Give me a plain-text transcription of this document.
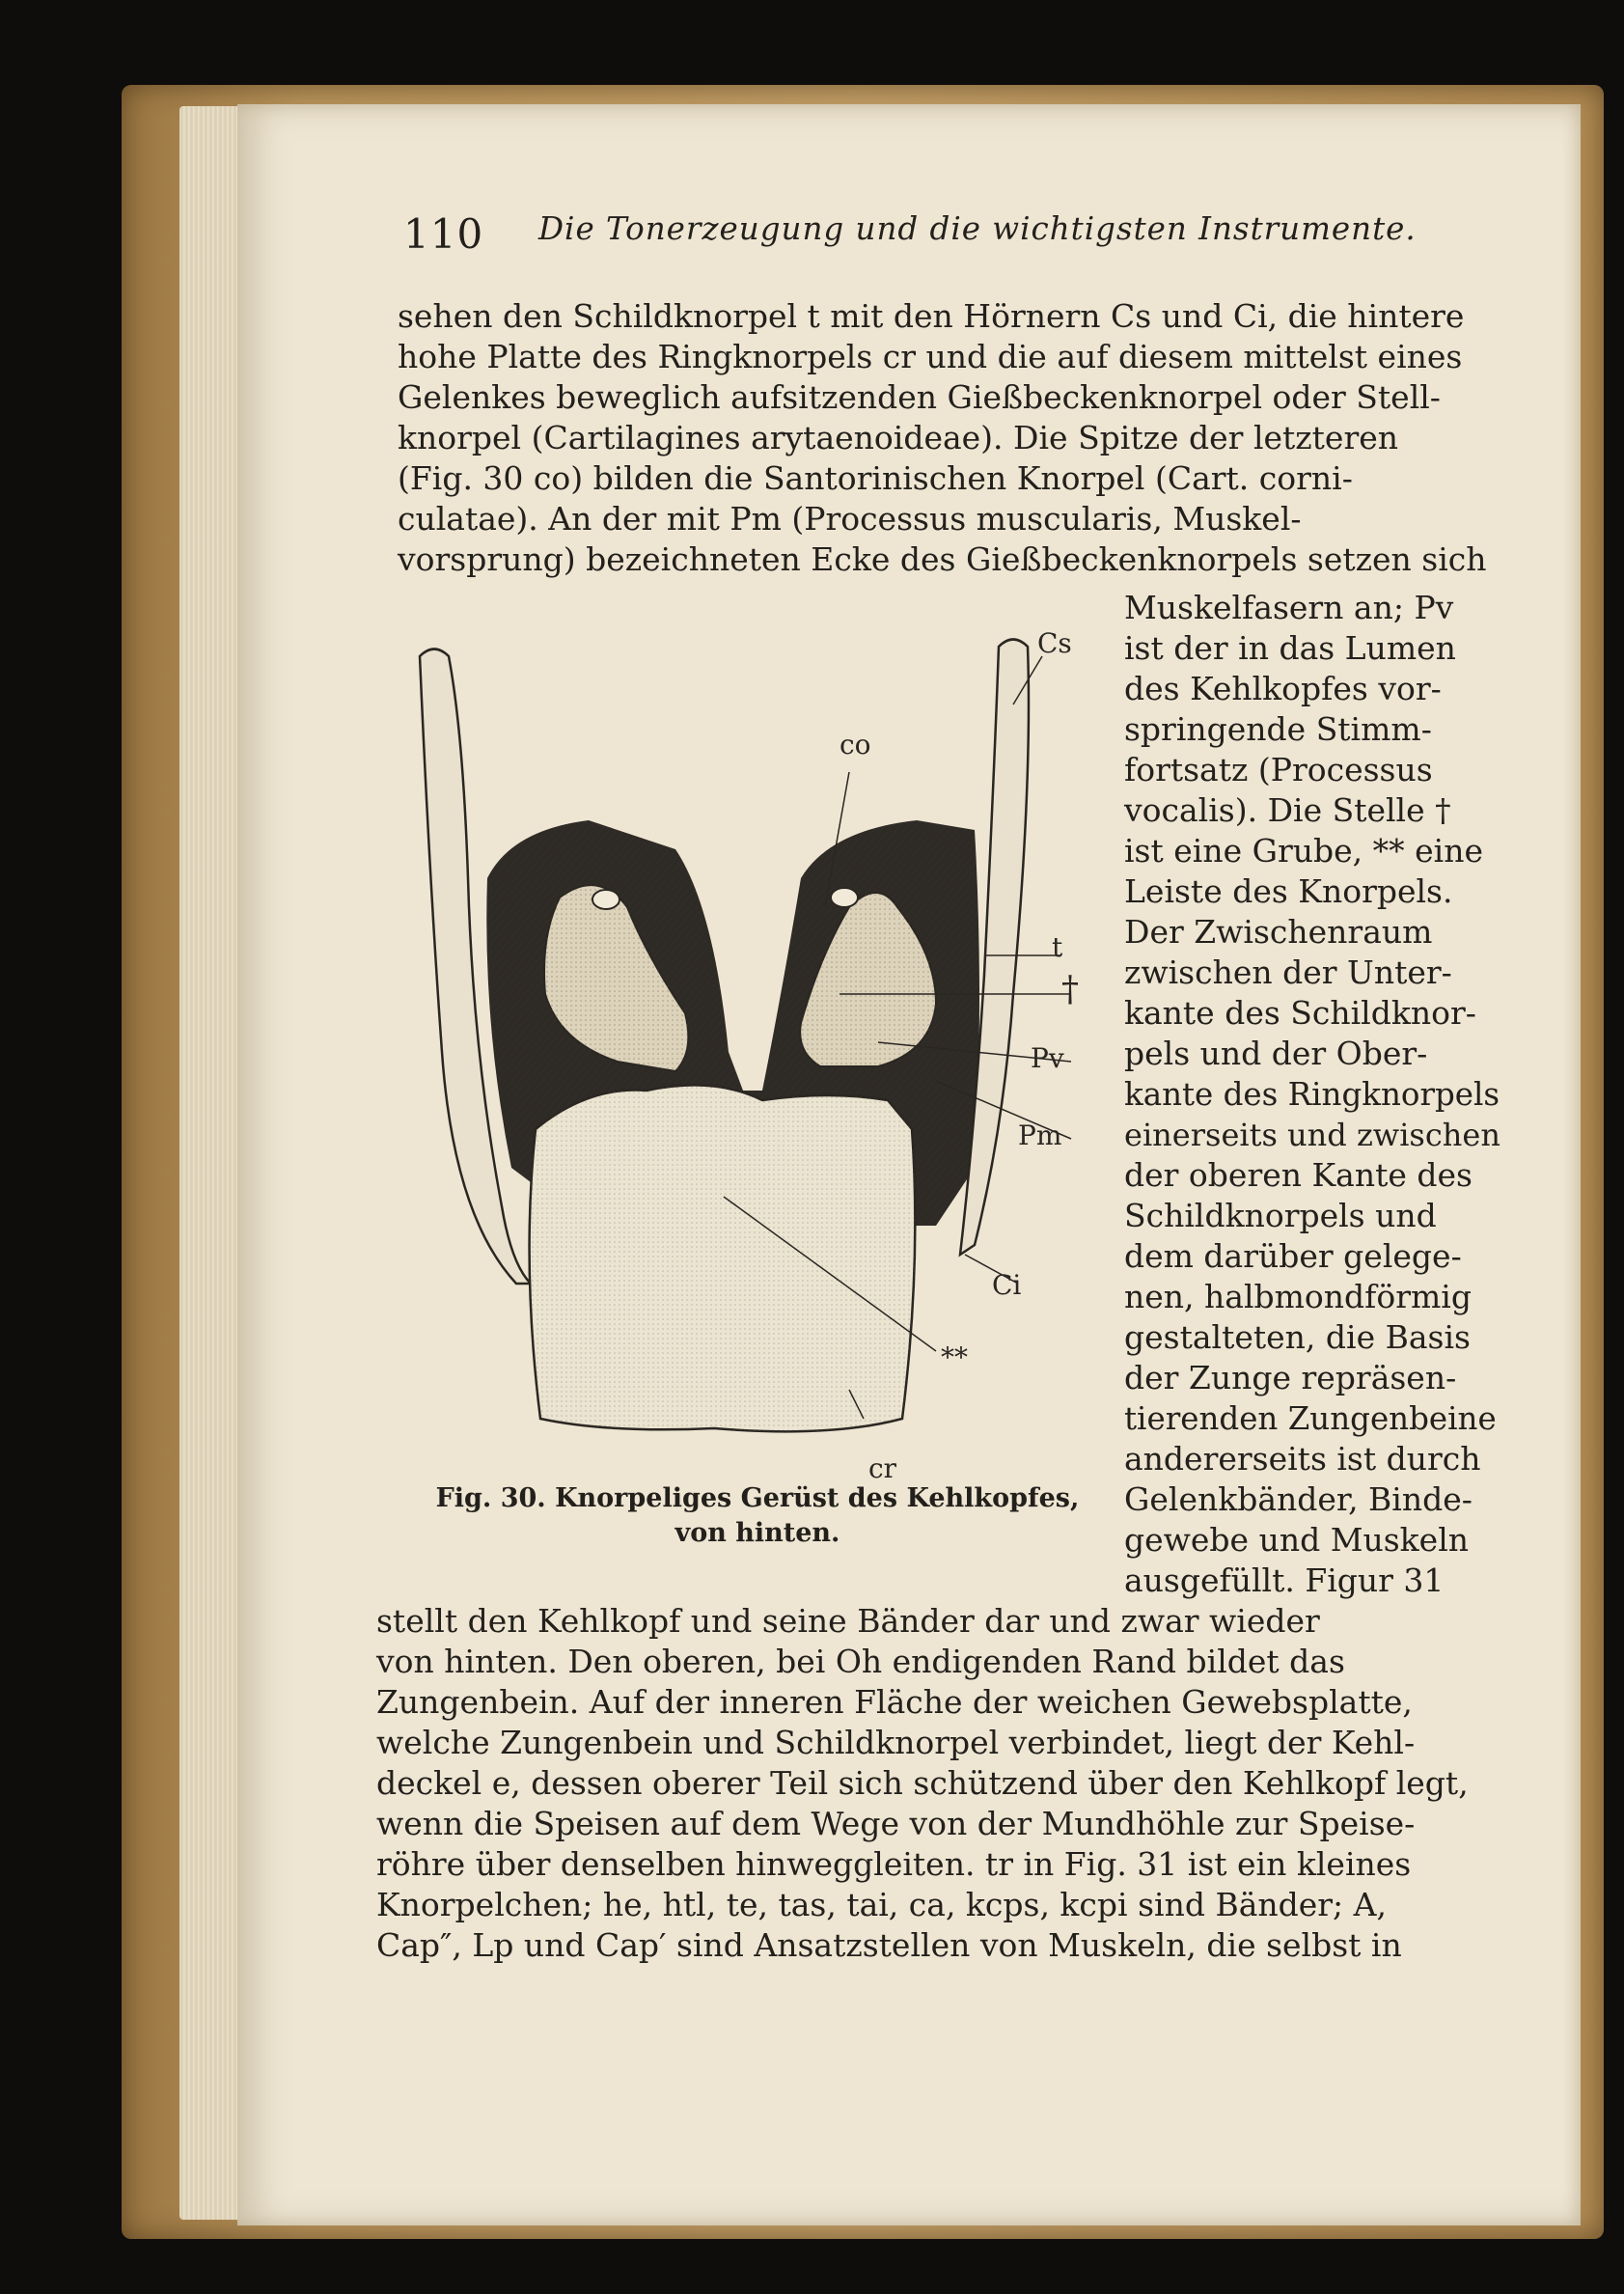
110 Die Tonerzeugung und die wichtigsten Instrumente.
sehen den Schildknorpel t mit den Hörnern Cs und Ci, die hintere
hohe Platte des Ringknorpels cr und die auf diesem mittelst eines
Gelenkes beweglich aufsitzenden Gießbeckenknorpel oder Stell-
knorpel (Cartilagines arytaenoideae). Die Spitze der letzteren
(Fig. 30 co) bilden die Santorinischen Knorpel (Cart. corni-
culatae). An der mit Pm (Processus muscularis, Muskel-
vorsprung) bezeichneten Ecke des Gießbeckenknorpels setzen sich
Muskelfasern an; Pv
ist der in das Lumen
des Kehlkopfes vor-
springende Stimm-
fortsatz (Processus
vocalis). Die Stelle †
ist eine Grube, ** eine
Leiste des Knorpels.
Der Zwischenraum
zwischen der Unter-
kante des Schildknor-
pels und der Ober-
kante des Ringknorpels
einerseits und zwischen
der oberen Kante des
Schildknorpels und
dem darüber gelege-
nen, halbmondförmig
gestalteten, die Basis
der Zunge repräsen-
tierenden Zungenbeine
andererseits ist durch
Gelenkbänder, Binde-
gewebe und Muskeln
ausgefüllt. Figur 31
Cs
co
t
†
Pv
Pm
Ci
**
cr
Fig. 30. Knorpeliges Gerüst des Kehlkopfes,
von hinten.
stellt den Kehlkopf und seine Bänder dar und zwar wieder
von hinten. Den oberen, bei Oh endigenden Rand bildet das
Zungenbein. Auf der inneren Fläche der weichen Gewebsplatte,
welche Zungenbein und Schildknorpel verbindet, liegt der Kehl-
deckel e, dessen oberer Teil sich schützend über den Kehlkopf legt,
wenn die Speisen auf dem Wege von der Mundhöhle zur Speise-
röhre über denselben hinweggleiten. tr in Fig. 31 ist ein kleines
Knorpelchen; he, htl, te, tas, tai, ca, kcps, kcpi sind Bänder; A,
Cap″, Lp und Cap′ sind Ansatzstellen von Muskeln, die selbst in
